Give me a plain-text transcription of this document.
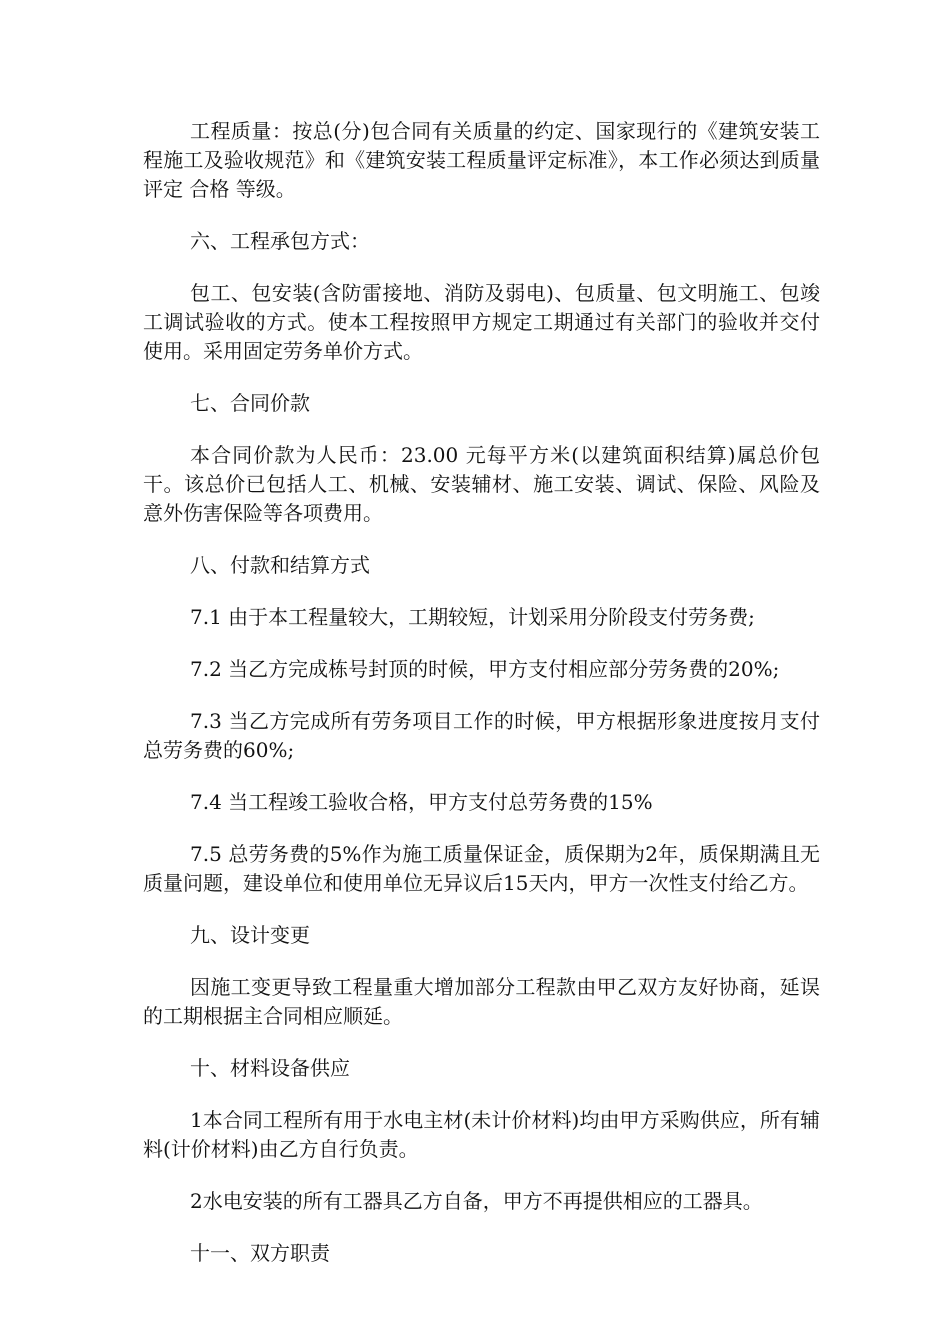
工程质量：按总(分)包合同有关质量的约定、国家现行的《建筑安装工程施工及验收规范》和《建筑安装工程质量评定标准》，本工作必须达到质量评定 合格 等级。

六、工程承包方式：

包工、包安装(含防雷接地、消防及弱电)、包质量、包文明施工、包竣工调试验收的方式。使本工程按照甲方规定工期通过有关部门的验收并交付使用。采用固定劳务单价方式。

七、合同价款

本合同价款为人民币：23.00 元每平方米(以建筑面积结算)属总价包干。该总价已包括人工、机械、安装辅材、施工安装、调试、保险、风险及意外伤害保险等各项费用。

八、付款和结算方式

7.1 由于本工程量较大，工期较短，计划采用分阶段支付劳务费;

7.2 当乙方完成栋号封顶的时候，甲方支付相应部分劳务费的20%;

7.3 当乙方完成所有劳务项目工作的时候，甲方根据形象进度按月支付总劳务费的60%;

7.4 当工程竣工验收合格，甲方支付总劳务费的15%

7.5 总劳务费的5%作为施工质量保证金，质保期为2年，质保期满且无质量问题，建设单位和使用单位无异议后15天内，甲方一次性支付给乙方。

九、设计变更

因施工变更导致工程量重大增加部分工程款由甲乙双方友好协商，延误的工期根据主合同相应顺延。

十、材料设备供应

1本合同工程所有用于水电主材(未计价材料)均由甲方采购供应，所有辅料(计价材料)由乙方自行负责。

2水电安装的所有工器具乙方自备，甲方不再提供相应的工器具。

十一、双方职责
